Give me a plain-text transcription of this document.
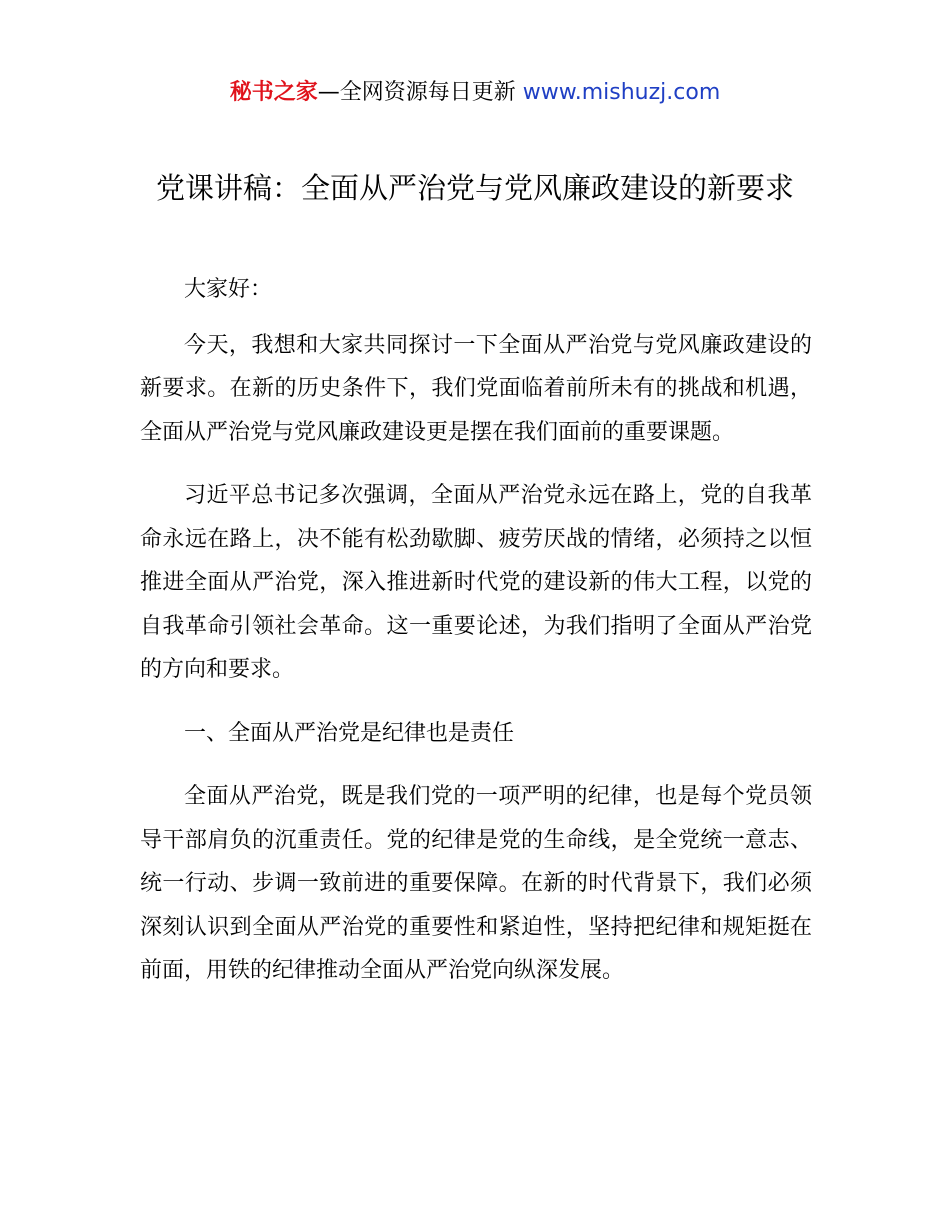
秘书之家—全网资源每日更新 www.mishuzj.com
党课讲稿：全面从严治党与党风廉政建设的新要求

大家好：

今天，我想和大家共同探讨一下全面从严治党与党风廉政建设的新要求。在新的历史条件下，我们党面临着前所未有的挑战和机遇，全面从严治党与党风廉政建设更是摆在我们面前的重要课题。

习近平总书记多次强调，全面从严治党永远在路上，党的自我革命永远在路上，决不能有松劲歇脚、疲劳厌战的情绪，必须持之以恒推进全面从严治党，深入推进新时代党的建设新的伟大工程，以党的自我革命引领社会革命。这一重要论述，为我们指明了全面从严治党的方向和要求。

一、全面从严治党是纪律也是责任

全面从严治党，既是我们党的一项严明的纪律，也是每个党员领导干部肩负的沉重责任。党的纪律是党的生命线，是全党统一意志、统一行动、步调一致前进的重要保障。在新的时代背景下，我们必须深刻认识到全面从严治党的重要性和紧迫性，坚持把纪律和规矩挺在前面，用铁的纪律推动全面从严治党向纵深发展。
